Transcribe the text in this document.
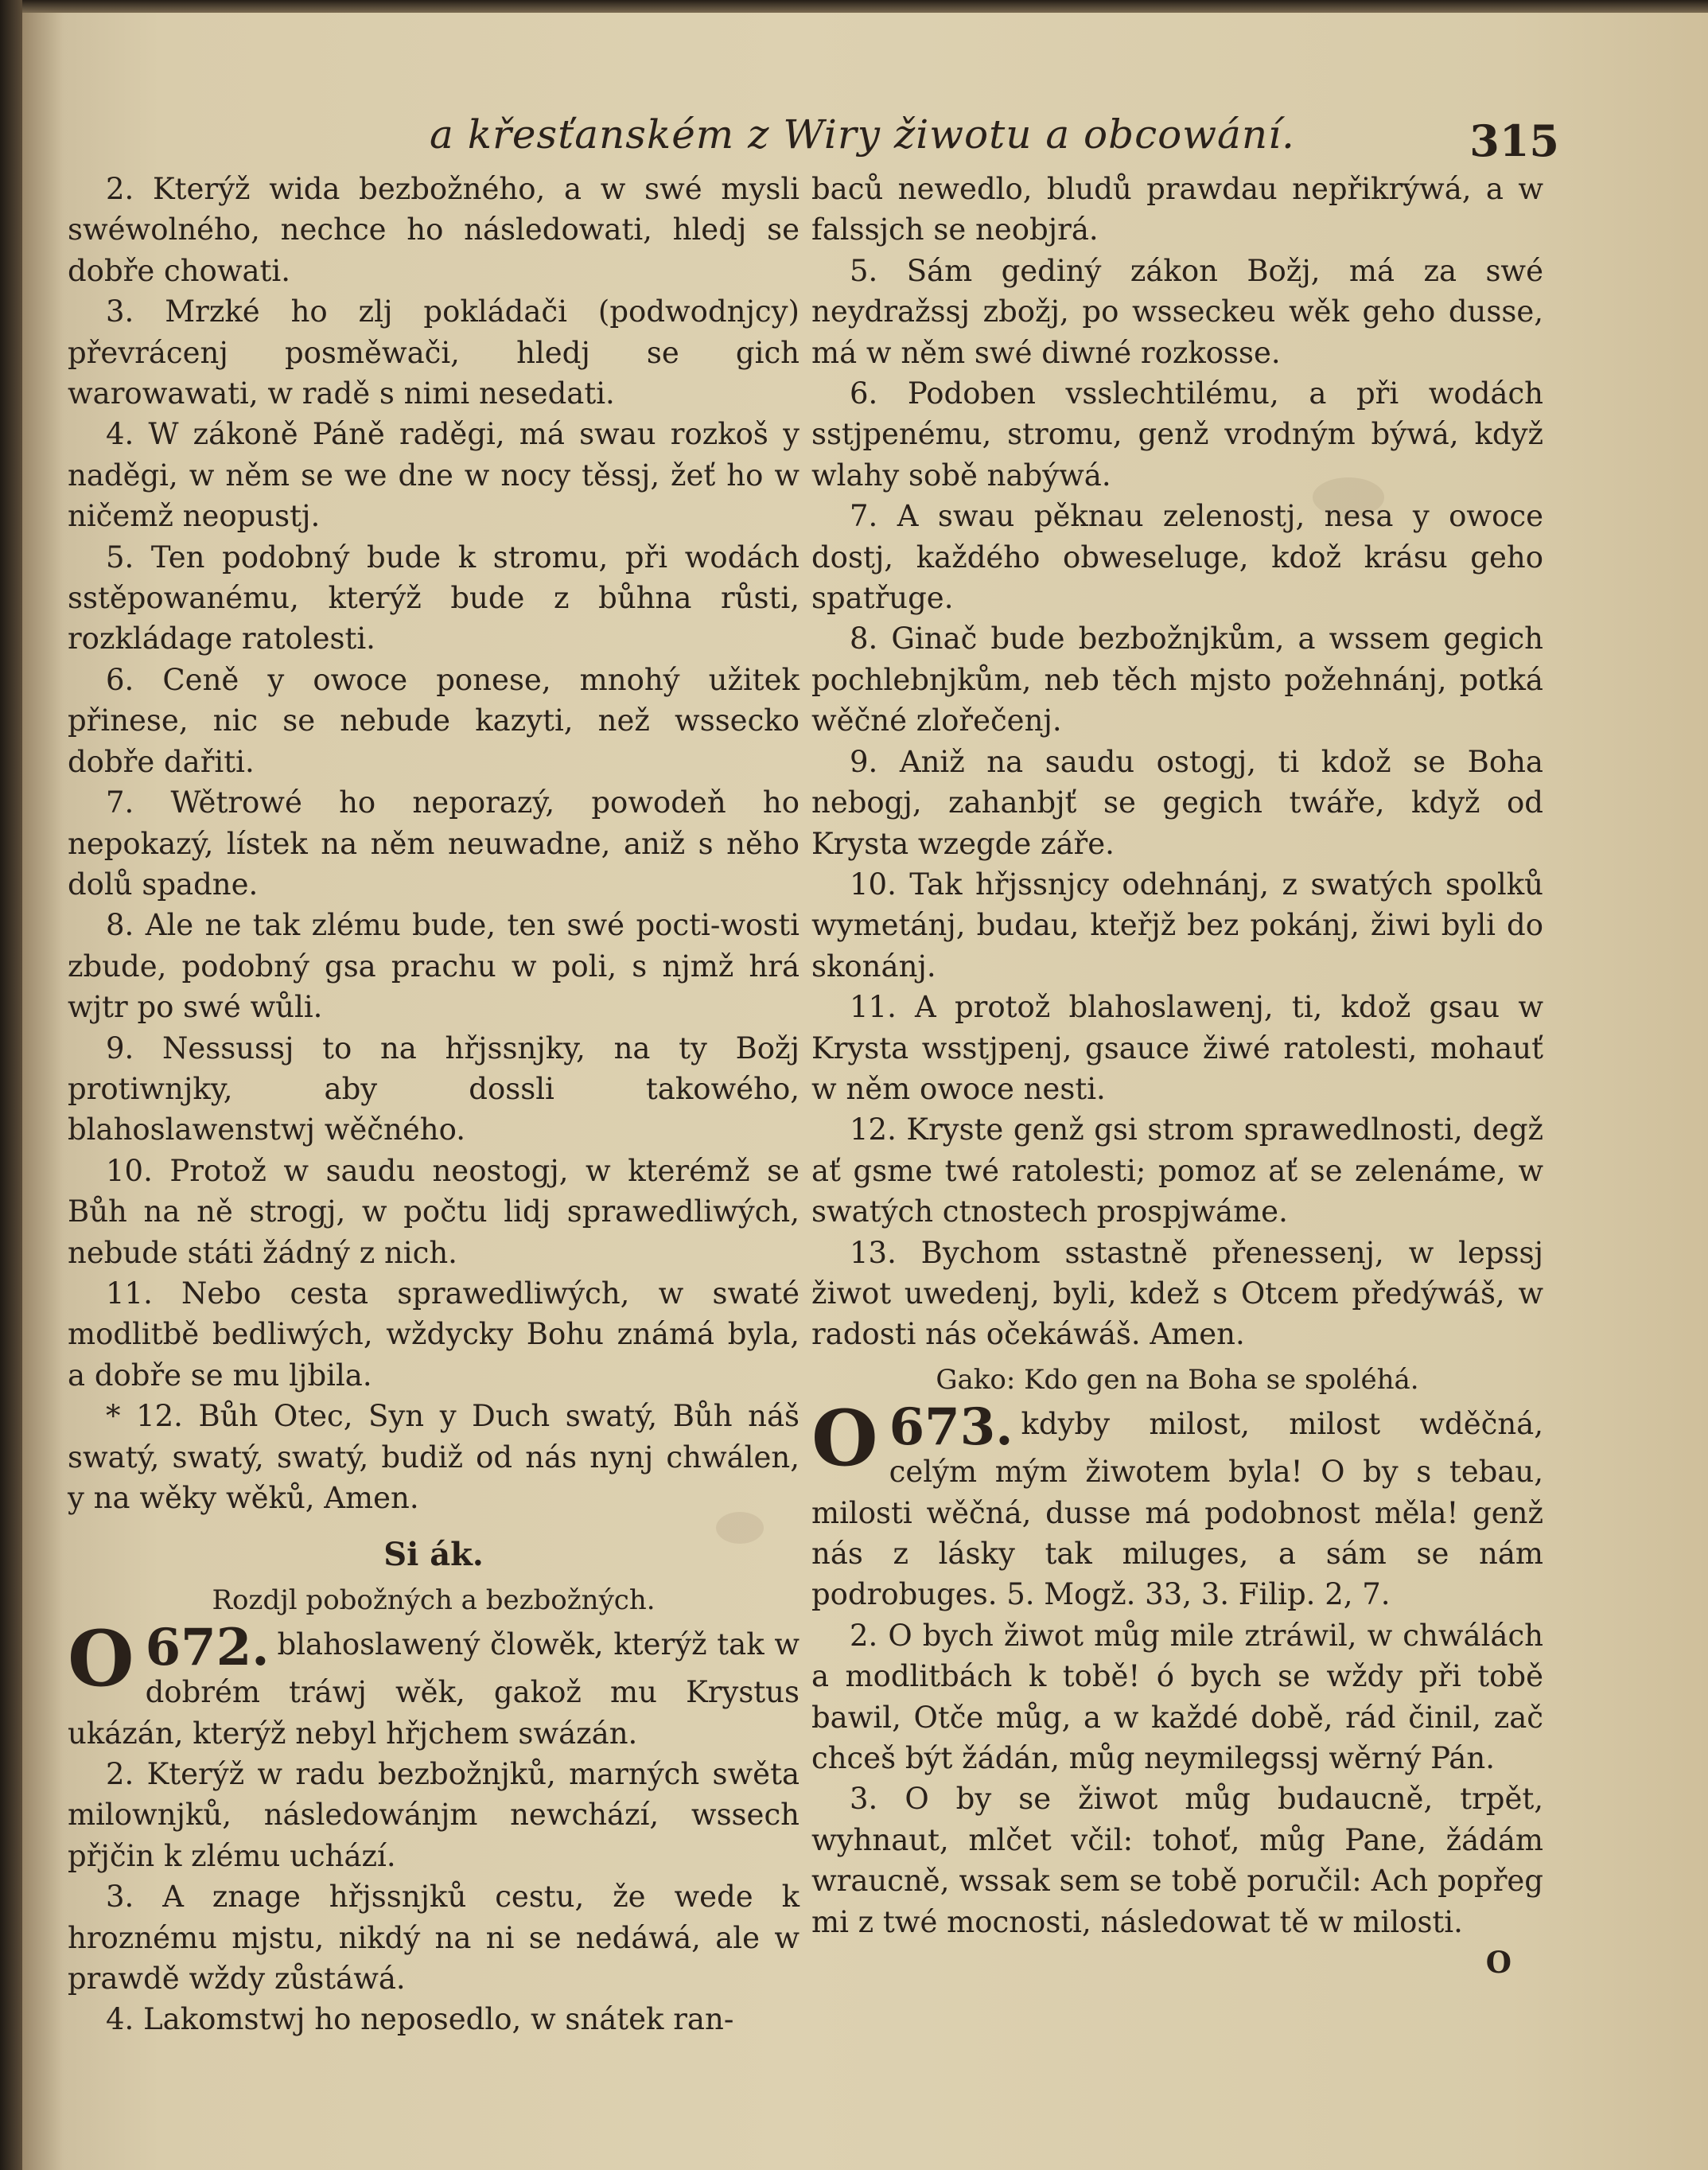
a křesťanském z Wiry žiwotu a obcowání.	315

2. Kterýž wida bezbožného, a w swé mysli swéwolného, nechce ho následowati, hledj se dobře chowati.

3. Mrzké ho zlj pokládači (podwodnjcy) převrácenj posměwači, hledj se gich warowawati, w radě s nimi nesedati.

4. W zákoně Páně raděgi, má swau rozkoš y naděgi, w něm se we dne w nocy těssj, žeť ho w ničemž neopustj.

5. Ten podobný bude k stromu, při wodách sstěpowanému, kterýž bude z bůhna růsti, rozkládage ratolesti.

6. Ceně y owoce ponese, mnohý užitek přinese, nic se nebude kazyti, než wssecko dobře dařiti.

7. Wětrowé ho neporazý, powodeň ho nepokazý, lístek na něm neuwadne, aniž s něho dolů spadne.

8. Ale ne tak zlému bude, ten swé pocti-wosti zbude, podobný gsa prachu w poli, s njmž hrá wjtr po swé wůli.

9. Nessussj to na hřjssnjky, na ty Božj protiwnjky, aby dossli takowého, blahoslawenstwj wěčného.

10. Protož w saudu neostogj, w kterémž se Bůh na ně strogj, w počtu lidj sprawedliwých, nebude státi žádný z nich.

11. Nebo cesta sprawedliwých, w swaté modlitbě bedliwých, wždycky Bohu známá byla, a dobře se mu ljbila.

* 12. Bůh Otec, Syn y Duch swatý, Bůh náš swatý, swatý, swatý, budiž od nás nynj chwálen, y na wěky wěků, Amen.

Si ák.
Rozdjl pobožných a bezbožných.
672.
O	blahoslawený člowěk, kterýž tak w dobrém tráwj wěk, gakož mu Krystus ukázán, kterýž nebyl hřjchem swázán.

2. Kterýž w radu bezbožnjků, marných swěta milownjků, následowánjm newchází, wssech přjčin k zlému uchází.

3. A znage hřjssnjků cestu, že wede k hroznému mjstu, nikdý na ni se nedáwá, ale w prawdě wždy zůstáwá.

4. Lakomstwj ho neposedlo, w snátek ran-

baců newedlo, bludů prawdau nepřikrýwá, a w falssjch se neobjrá.

5. Sám gediný zákon Božj, má za swé neydražssj zbožj, po wsseckeu wěk geho dusse, má w něm swé diwné rozkosse.

6. Podoben vsslechtilému, a při wodách sstjpenému, stromu, genž vrodným býwá, když wlahy sobě nabýwá.

7. A swau pěknau zelenostj, nesa y owoce dostj, každého obweseluge, kdož krásu geho spatřuge.

8. Ginač bude bezbožnjkům, a wssem gegich pochlebnjkům, neb těch mjsto požehnánj, potká wěčné zlořečenj.

9. Aniž na saudu ostogj, ti kdož se Boha nebogj, zahanbjť se gegich twáře, když od Krysta wzegde záře.

10. Tak hřjssnjcy odehnánj, z swatých spolků wymetánj, budau, kteřjž bez pokánj, žiwi byli do skonánj.

11. A protož blahoslawenj, ti, kdož gsau w Krysta wsstjpenj, gsauce žiwé ratolesti, mohauť w něm owoce nesti.

12. Kryste genž gsi strom sprawedlnosti, degž ať gsme twé ratolesti; pomoz ať se zelenáme, w swatých ctnostech prospjwáme.

13. Bychom sstastně přenessenj, w lepssj žiwot uwedenj, byli, kdež s Otcem předýwáš, w radosti nás očekáwáš. Amen.

Gako: Kdo gen na Boha se spoléhá.
673.
O	kdyby milost, milost wděčná, celým mým žiwotem byla! O by s tebau, milosti wěčná, dusse má podobnost měla! genž nás z lásky tak miluges, a sám se nám podrobuges. 5. Mogž. 33, 3. Filip. 2, 7.

2. O bych žiwot můg mile ztráwil, w chwálách a modlitbách k tobě! ó bych se wždy při tobě bawil, Otče můg, a w každé době, rád činil, zač chceš být žádán, můg neymilegssj wěrný Pán.

3. O by se žiwot můg budaucně, trpět, wyhnaut, mlčet včil: tohoť, můg Pane, žádám wraucně, wssak sem se tobě poručil: Ach popřeg mi z twé mocnosti, následowat tě w milosti.

O
